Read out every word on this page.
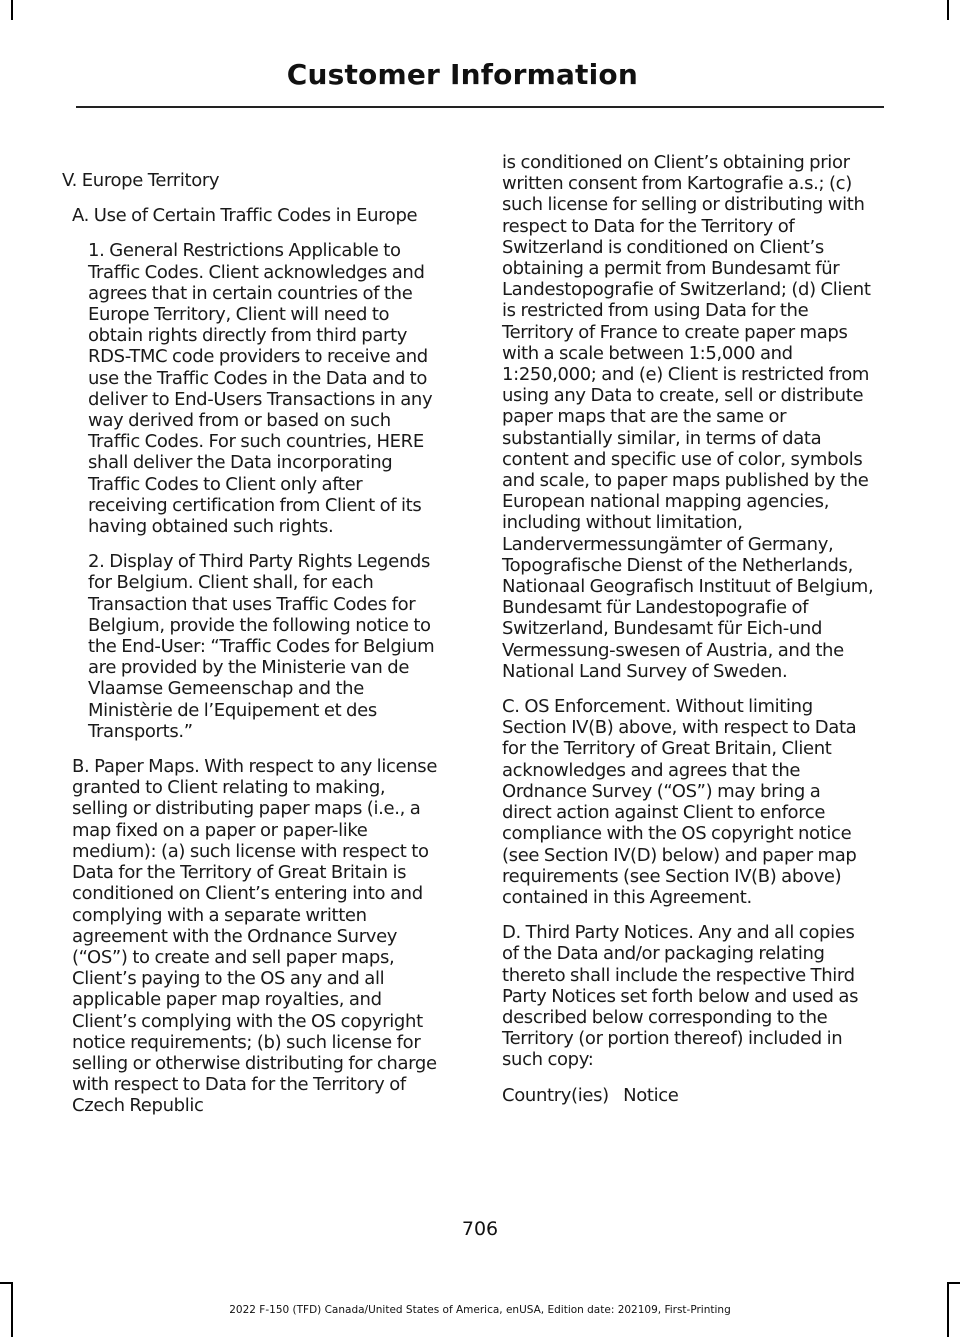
Customer Information

V. Europe Territory

A. Use of Certain Traffic Codes in Europe

1. General Restrictions Applicable to Traffic Codes. Client acknowledges and agrees that in certain countries of the Europe Territory, Client will need to obtain rights directly from third party RDS-TMC code providers to receive and use the Traffic Codes in the Data and to deliver to End-Users Transactions in any way derived from or based on such Traffic Codes. For such countries, HERE shall deliver the Data incorporating Traffic Codes to Client only after receiving certification from Client of its having obtained such rights.

2. Display of Third Party Rights Legends for Belgium. Client shall, for each Transaction that uses Traffic Codes for Belgium, provide the following notice to the End-User: “Traffic Codes for Belgium are provided by the Ministerie van de Vlaamse Gemeenschap and the Ministèrie de l’Equipement et des Transports.”

B. Paper Maps. With respect to any license granted to Client relating to making, selling or distributing paper maps (i.e., a map fixed on a paper or paper-like medium): (a) such license with respect to Data for the Territory of Great Britain is conditioned on Client’s entering into and complying with a separate written agreement with the Ordnance Survey (“OS”) to create and sell paper maps, Client’s paying to the OS any and all applicable paper map royalties, and Client’s complying with the OS copyright notice requirements; (b) such license for selling or otherwise distributing for charge with respect to Data for the Territory of Czech Republic

is conditioned on Client’s obtaining prior written consent from Kartografie a.s.; (c) such license for selling or distributing with respect to Data for the Territory of Switzerland is conditioned on Client’s obtaining a permit from Bundesamt für Landestopografie of Switzerland; (d) Client is restricted from using Data for the Territory of France to create paper maps with a scale between 1:5,000 and 1:250,000; and (e) Client is restricted from using any Data to create, sell or distribute paper maps that are the same or substantially similar, in terms of data content and specific use of color, symbols and scale, to paper maps published by the European national mapping agencies, including without limitation, Landervermessungämter of Germany, Topografische Dienst of the Netherlands, Nationaal Geografisch Instituut of Belgium, Bundesamt für Landestopografie of Switzerland, Bundesamt für Eich-und Vermessung-swesen of Austria, and the National Land Survey of Sweden.

C. OS Enforcement. Without limiting Section IV(B) above, with respect to Data for the Territory of Great Britain, Client acknowledges and agrees that the Ordnance Survey (“OS”) may bring a direct action against Client to enforce compliance with the OS copyright notice (see Section IV(D) below) and paper map requirements (see Section IV(B) above) contained in this Agreement.

D. Third Party Notices. Any and all copies of the Data and/or packaging relating thereto shall include the respective Third Party Notices set forth below and used as described below corresponding to the Territory (or portion thereof) included in such copy:

Country(ies)   Notice

706
2022 F-150 (TFD) Canada/United States of America, enUSA, Edition date: 202109, First-Printing
